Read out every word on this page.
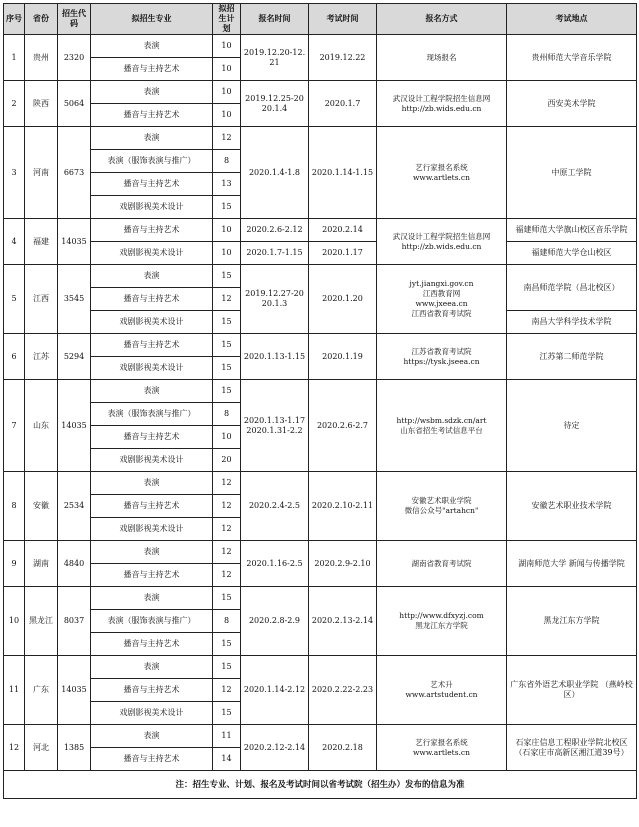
序号	省份	招生代码	拟招生专业	拟招生计划	报名时间	考试时间	报名方式	考试地点
1	贵州	2320	表演	10	2019.12.20-12.21	2019.12.22	现场报名	贵州师范大学音乐学院
			播音与主持艺术	10				
2	陕西	5064	表演	10	2019.12.25-2020.1.4	2020.1.7	武汉设计工程学院招生信息网
http://zb.wids.edu.cn	西安美术学院
			播音与主持艺术	10				
3	河南	6673	表演	12	2020.1.4-1.8	2020.1.14-1.15	艺行家报名系统
www.artlets.cn	中原工学院
			表演（服饰表演与推广）	8				
			播音与主持艺术	13				
			戏剧影视美术设计	15				
4	福建	14035	播音与主持艺术	10	2020.2.6-2.12	2020.2.14	武汉设计工程学院招生信息网
http://zb.wids.edu.cn	福建师范大学旗山校区音乐学院
			戏剧影视美术设计	10	2020.1.7-1.15	2020.1.17		福建师范大学仓山校区
5	江西	3545	表演	15	2019.12.27-2020.1.3	2020.1.20	jyt.jiangxi.gov.cn
江西教育网
www.jxeea.cn
江西省教育考试院	南昌师范学院（昌北校区）
			播音与主持艺术	12				
			戏剧影视美术设计	15				南昌大学科学技术学院
6	江苏	5294	播音与主持艺术	15	2020.1.13-1.15	2020.1.19	江苏省教育考试院
https://tysk.jseea.cn	江苏第二师范学院
			戏剧影视美术设计	15				
7	山东	14035	表演	15	2020.1.13-1.17 2020.1.31-2.2	2020.2.6-2.7	http://wsbm.sdzk.cn/art
山东省招生考试信息平台	待定
			表演（服饰表演与推广）	8				
			播音与主持艺术	10				
			戏剧影视美术设计	20				
8	安徽	2534	表演	12	2020.2.4-2.5	2020.2.10-2.11	安徽艺术职业学院
微信公众号"artahcn"	安徽艺术职业技术学院
			播音与主持艺术	12				
			戏剧影视美术设计	12				
9	湖南	4840	表演	12	2020.1.16-2.5	2020.2.9-2.10	湖南省教育考试院	湖南师范大学 新闻与传播学院
			播音与主持艺术	12				
10	黑龙江	8037	表演	15	2020.2.8-2.9	2020.2.13-2.14	http://www.dfxyzj.com
黑龙江东方学院	黑龙江东方学院
			表演（服饰表演与推广）	8				
			播音与主持艺术	15				
11	广东	14035	表演	15	2020.1.14-2.12	2020.2.22-2.23	艺术升
www.artstudent.cn	广东省外语艺术职业学院 （燕岭校区）
			播音与主持艺术	12				
			戏剧影视美术设计	15				
12	河北	1385	表演	11	2020.2.12-2.14	2020.2.18	艺行家报名系统
www.artlets.cn	石家庄信息工程职业学院北校区 （石家庄市高新区湘江道39号）
			播音与主持艺术	14				
注：招生专业、计划、报名及考试时间以省考试院（招生办）发布的信息为准								
